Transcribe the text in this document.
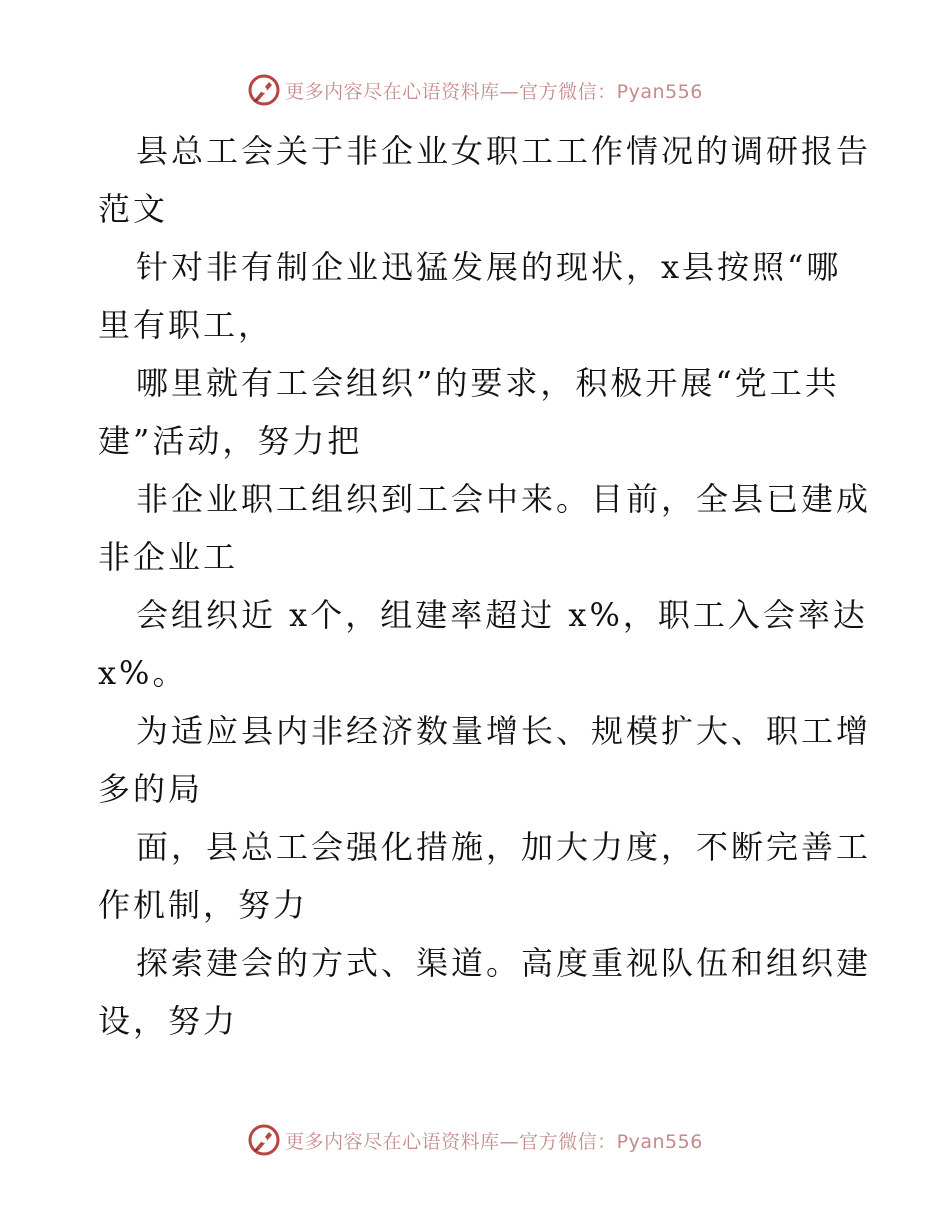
更多内容尽在心语资料库—官方微信：Pyan556
县总工会关于非企业女职工工作情况的调研报告
范文
针对非有制企业迅猛发展的现状，x县按照“哪
里有职工，
哪里就有工会组织”的要求，积极开展“党工共
建”活动，努力把
非企业职工组织到工会中来。目前，全县已建成
非企业工
会组织近 x个，组建率超过 x%，职工入会率达
x%。
为适应县内非经济数量增长、规模扩大、职工增
多的局
面，县总工会强化措施，加大力度，不断完善工
作机制，努力
探索建会的方式、渠道。高度重视队伍和组织建
设，努力
更多内容尽在心语资料库—官方微信：Pyan556
